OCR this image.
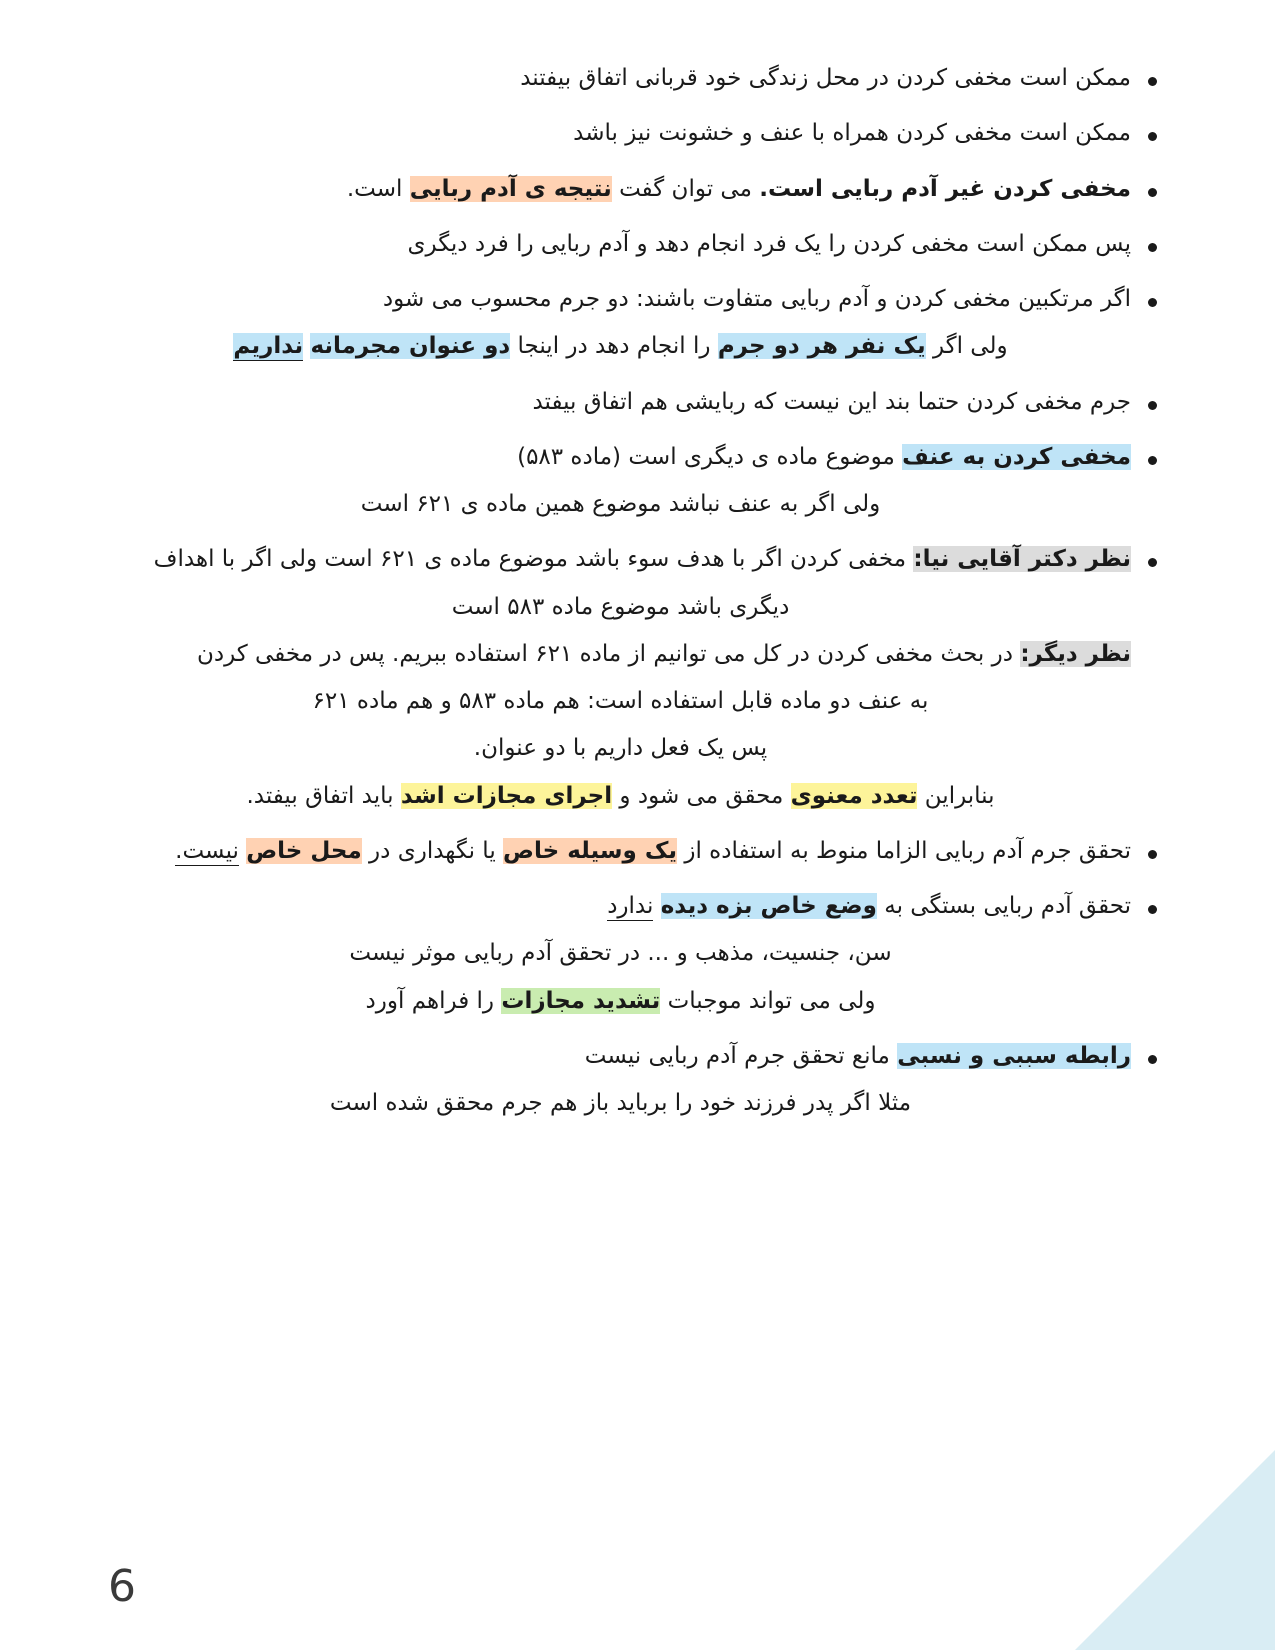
ممکن است مخفی کردن در محل زندگی خود قربانی اتفاق بیفتند
ممکن است مخفی کردن همراه با عنف و خشونت نیز باشد
مخفی کردن غیر آدم ربایی است. می توان گفت نتیجه ی آدم ربایی است.
پس ممکن است مخفی کردن را یک فرد انجام دهد و آدم ربایی را فرد دیگری
اگر مرتکبین مخفی کردن و آدم ربایی متفاوت باشند: دو جرم محسوب می شود
ولی اگر یک نفر هر دو جرم را انجام دهد در اینجا دو عنوان مجرمانه نداریم
جرم مخفی کردن حتما بند این نیست که ربایشی هم اتفاق بیفتد
مخفی کردن به عنف موضوع ماده ی دیگری است (ماده ۵۸۳)
ولی اگر به عنف نباشد موضوع همین ماده ی ۶۲۱ است
نظر دکتر آقایی نیا: مخفی کردن اگر با هدف سوء باشد موضوع ماده ی ۶۲۱ است ولی اگر با اهداف
دیگری باشد موضوع ماده ۵۸۳ است
نظر دیگر: در بحث مخفی کردن در کل می توانیم از ماده ۶۲۱ استفاده ببریم. پس در مخفی کردن
به عنف دو ماده قابل استفاده است: هم ماده ۵۸۳ و هم ماده ۶۲۱
پس یک فعل داریم با دو عنوان.
بنابراین تعدد معنوی محقق می شود و اجرای مجازات اشد باید اتفاق بیفتد.
تحقق جرم آدم ربایی الزاما منوط به استفاده از یک وسیله خاص یا نگهداری در محل خاص نیست.
تحقق آدم ربایی بستگی به وضع خاص بزه دیده ندارد
سن، جنسیت، مذهب و ... در تحقق آدم ربایی موثر نیست
ولی می تواند موجبات تشدید مجازات را فراهم آورد
رابطه سببی و نسبی مانع تحقق جرم آدم ربایی نیست
مثلا اگر پدر فرزند خود را برباید باز هم جرم محقق شده است
6
